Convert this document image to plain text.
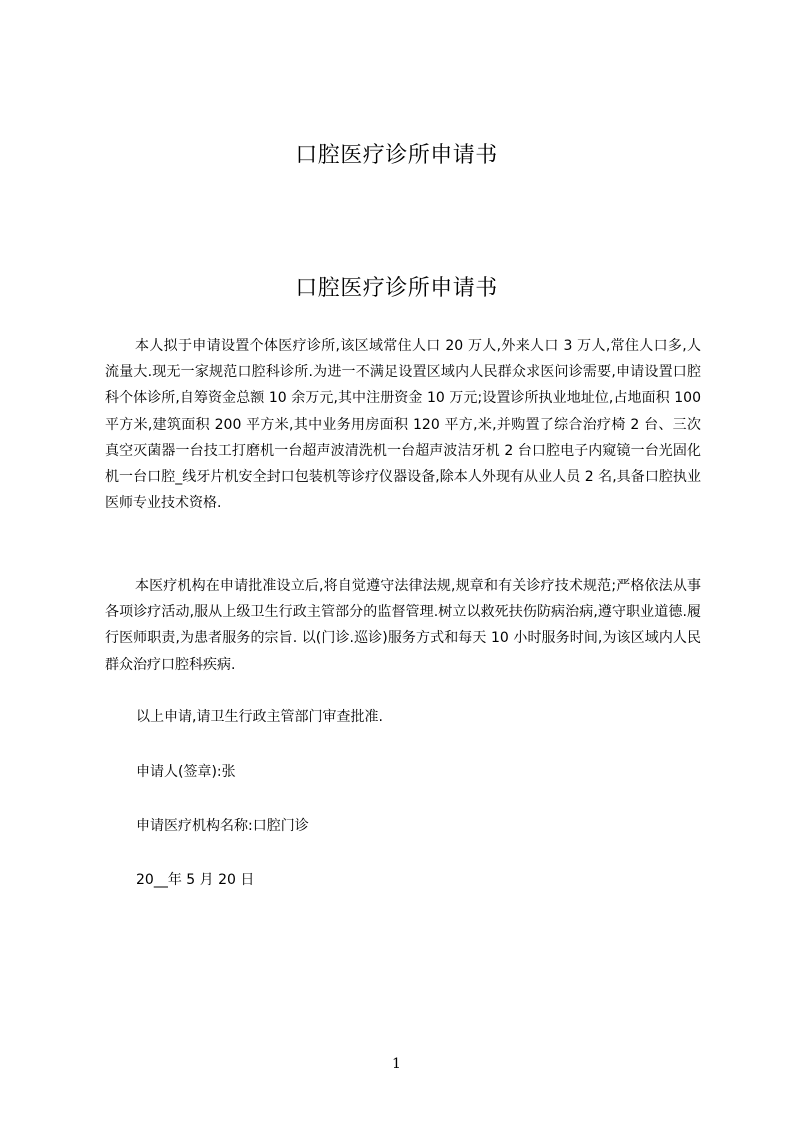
口腔医疗诊所申请书
口腔医疗诊所申请书

本人拟于申请设置个体医疗诊所,该区域常住人口 20 万人,外来人口 3 万人,常住人口多,人流量大.现无一家规范口腔科诊所.为进一不满足设置区域内人民群众求医问诊需要,申请设置口腔科个体诊所,自筹资金总额 10 余万元,其中注册资金 10 万元;设置诊所执业地址位,占地面积 100 平方米,建筑面积 200 平方米,其中业务用房面积 120 平方,米,并购置了综合治疗椅 2 台、三次真空灭菌器一台技工打磨机一台超声波清洗机一台超声波洁牙机 2 台口腔电子内窥镜一台光固化机一台口腔_线牙片机安全封口包装机等诊疗仪器设备,除本人外现有从业人员 2 名,具备口腔执业医师专业技术资格.

本医疗机构在申请批准设立后,将自觉遵守法律法规,规章和有关诊疗技术规范;严格依法从事各项诊疗活动,服从上级卫生行政主管部分的监督管理.树立以救死扶伤防病治病,遵守职业道德.履行医师职责,为患者服务的宗旨. 以(门诊.巡诊)服务方式和每天 10 小时服务时间,为该区域内人民群众治疗口腔科疾病.

以上申请,请卫生行政主管部门审查批准.

申请人(签章):张

申请医疗机构名称:口腔门诊

20__年 5 月 20 日

1
